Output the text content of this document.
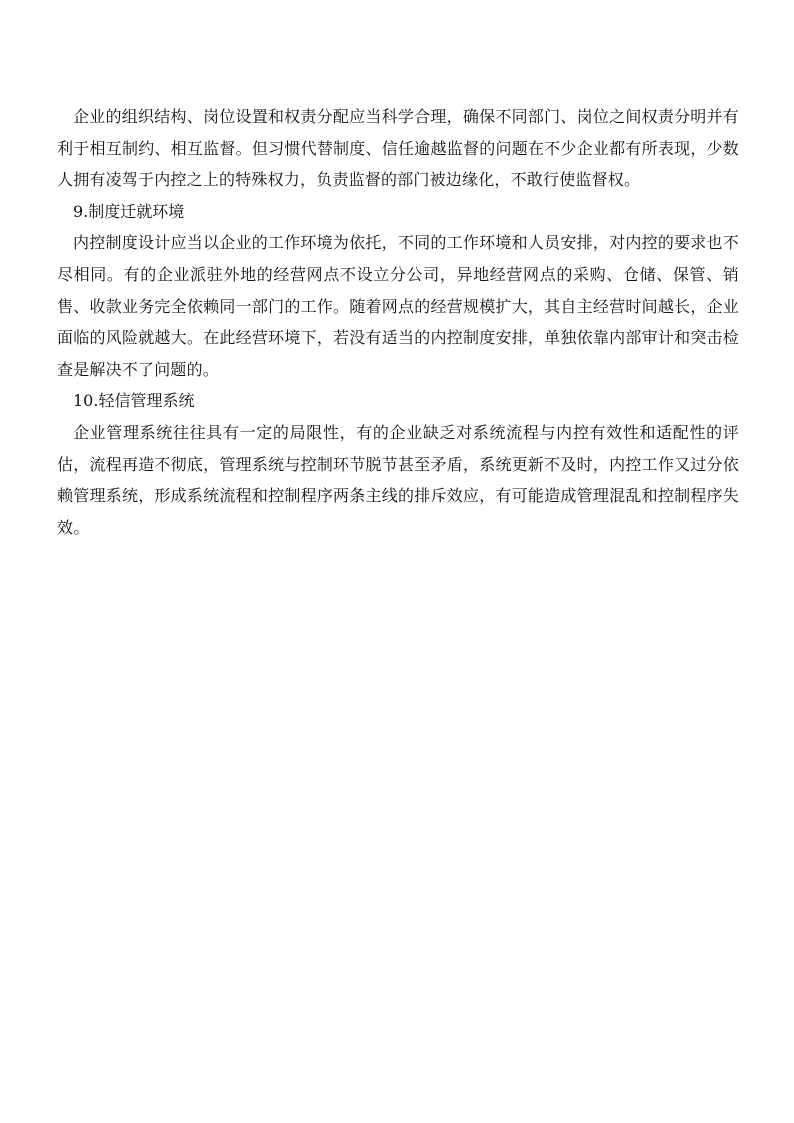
企业的组织结构、岗位设置和权责分配应当科学合理，确保不同部门、岗位之间权责分明并有利于相互制约、相互监督。但习惯代替制度、信任逾越监督的问题在不少企业都有所表现，少数人拥有凌驾于内控之上的特殊权力，负责监督的部门被边缘化，不敢行使监督权。

9.制度迁就环境

内控制度设计应当以企业的工作环境为依托，不同的工作环境和人员安排，对内控的要求也不尽相同。有的企业派驻外地的经营网点不设立分公司，异地经营网点的采购、仓储、保管、销售、收款业务完全依赖同一部门的工作。随着网点的经营规模扩大，其自主经营时间越长，企业面临的风险就越大。在此经营环境下，若没有适当的内控制度安排，单独依靠内部审计和突击检查是解决不了问题的。

10.轻信管理系统

企业管理系统往往具有一定的局限性，有的企业缺乏对系统流程与内控有效性和适配性的评估，流程再造不彻底，管理系统与控制环节脱节甚至矛盾，系统更新不及时，内控工作又过分依赖管理系统，形成系统流程和控制程序两条主线的排斥效应，有可能造成管理混乱和控制程序失效。
